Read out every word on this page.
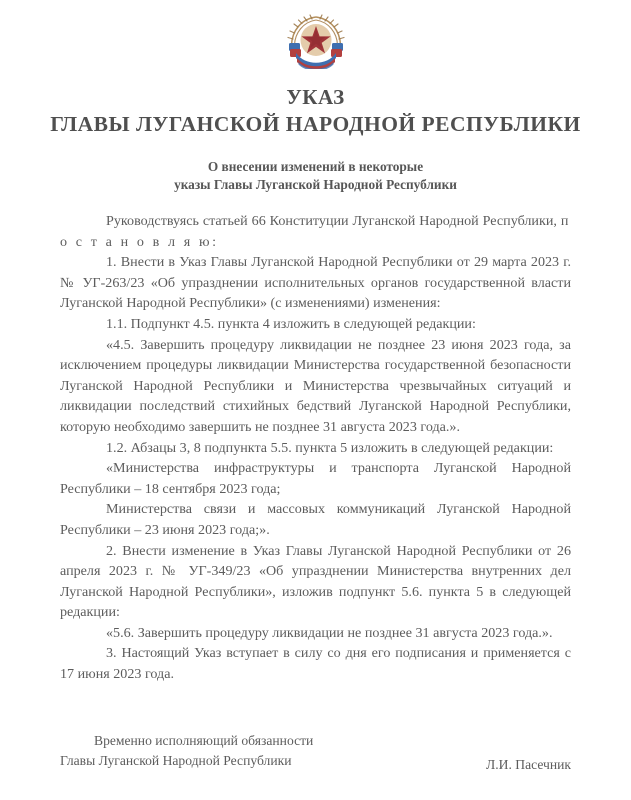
УКАЗ
ГЛАВЫ ЛУГАНСКОЙ НАРОДНОЙ РЕСПУБЛИКИ
О внесении изменений в некоторые
указы Главы Луганской Народной Республики

Руководствуясь статьей 66 Конституции Луганской Народной Республики, п о с т а н о в л я ю:

1. Внести в Указ Главы Луганской Народной Республики от 29 марта 2023 г. № УГ-263/23 «Об упразднении исполнительных органов государственной власти Луганской Народной Республики» (с изменениями) изменения:

1.1. Подпункт 4.5. пункта 4 изложить в следующей редакции:

«4.5. Завершить процедуру ликвидации не позднее 23 июня 2023 года, за исключением процедуры ликвидации Министерства государственной безопасности Луганской Народной Республики и Министерства чрезвычайных ситуаций и ликвидации последствий стихийных бедствий Луганской Народной Республики, которую необходимо завершить не позднее 31 августа 2023 года.».

1.2. Абзацы 3, 8 подпункта 5.5. пункта 5 изложить в следующей редакции:

«Министерства инфраструктуры и транспорта Луганской Народной Республики – 18 сентября 2023 года;

Министерства связи и массовых коммуникаций Луганской Народной Республики – 23 июня 2023 года;».

2. Внести изменение в Указ Главы Луганской Народной Республики от 26 апреля 2023 г. № УГ-349/23 «Об упразднении Министерства внутренних дел Луганской Народной Республики», изложив подпункт 5.6. пункта 5 в следующей редакции:

«5.6. Завершить процедуру ликвидации не позднее 31 августа 2023 года.».

3. Настоящий Указ вступает в силу со дня его подписания и применяется с 17 июня 2023 года.

Временно исполняющий обязанности
Главы Луганской Народной Республики	Л.И. Пасечник
